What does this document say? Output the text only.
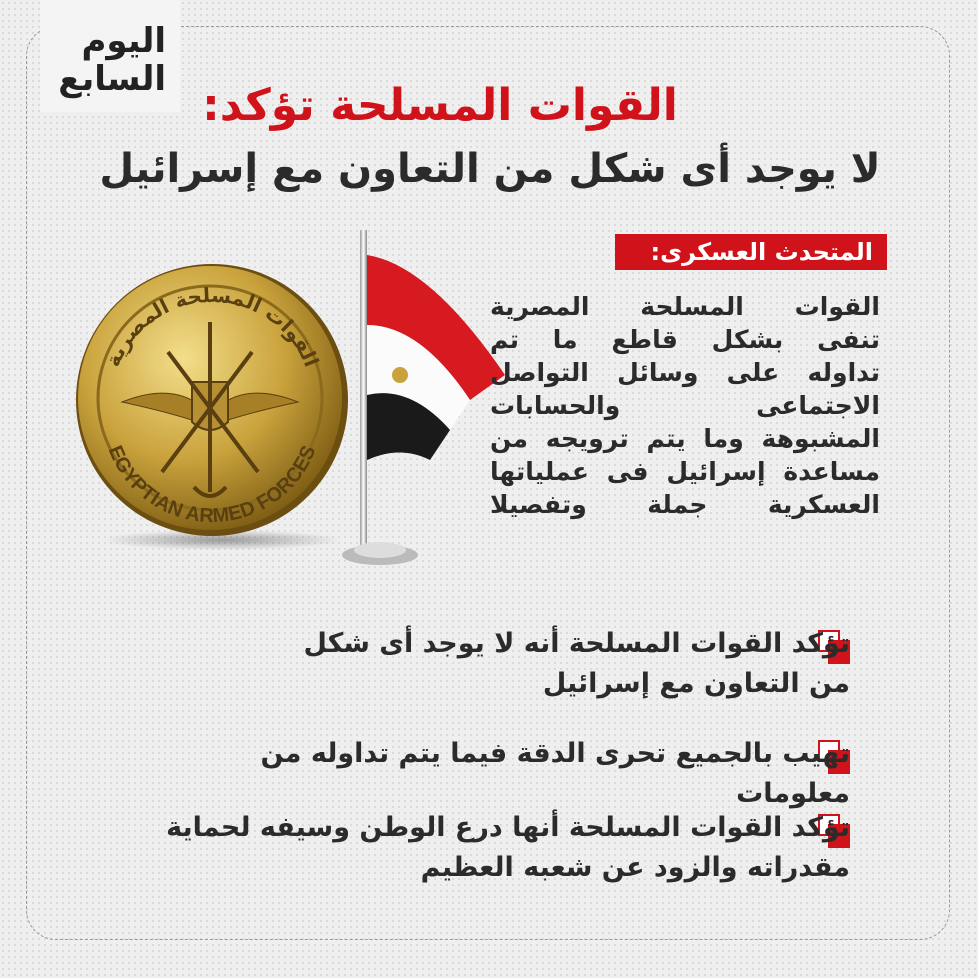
اليوم
السابع
القوات المسلحة تؤكد:
لا يوجد أى شكل من التعاون مع إسرائيل
القوات المسلحة المصرية
EGYPTIAN ARMED FORCES
المتحدث العسكرى:
القوات المسلحة المصرية
تنفى بشكل قاطع ما تم
تداوله على وسائل التواصل
الاجتماعى والحسابات
المشبوهة وما يتم ترويجه من
مساعدة إسرائيل فى عملياتها
العسكرية جملة وتفصيلا
تؤكد القوات المسلحة أنه لا يوجد أى شكل
من التعاون مع إسرائيل
تهيب بالجميع تحرى الدقة فيما يتم تداوله من معلومات
تؤكد القوات المسلحة أنها درع الوطن وسيفه لحماية
مقدراته والزود عن شعبه العظيم
